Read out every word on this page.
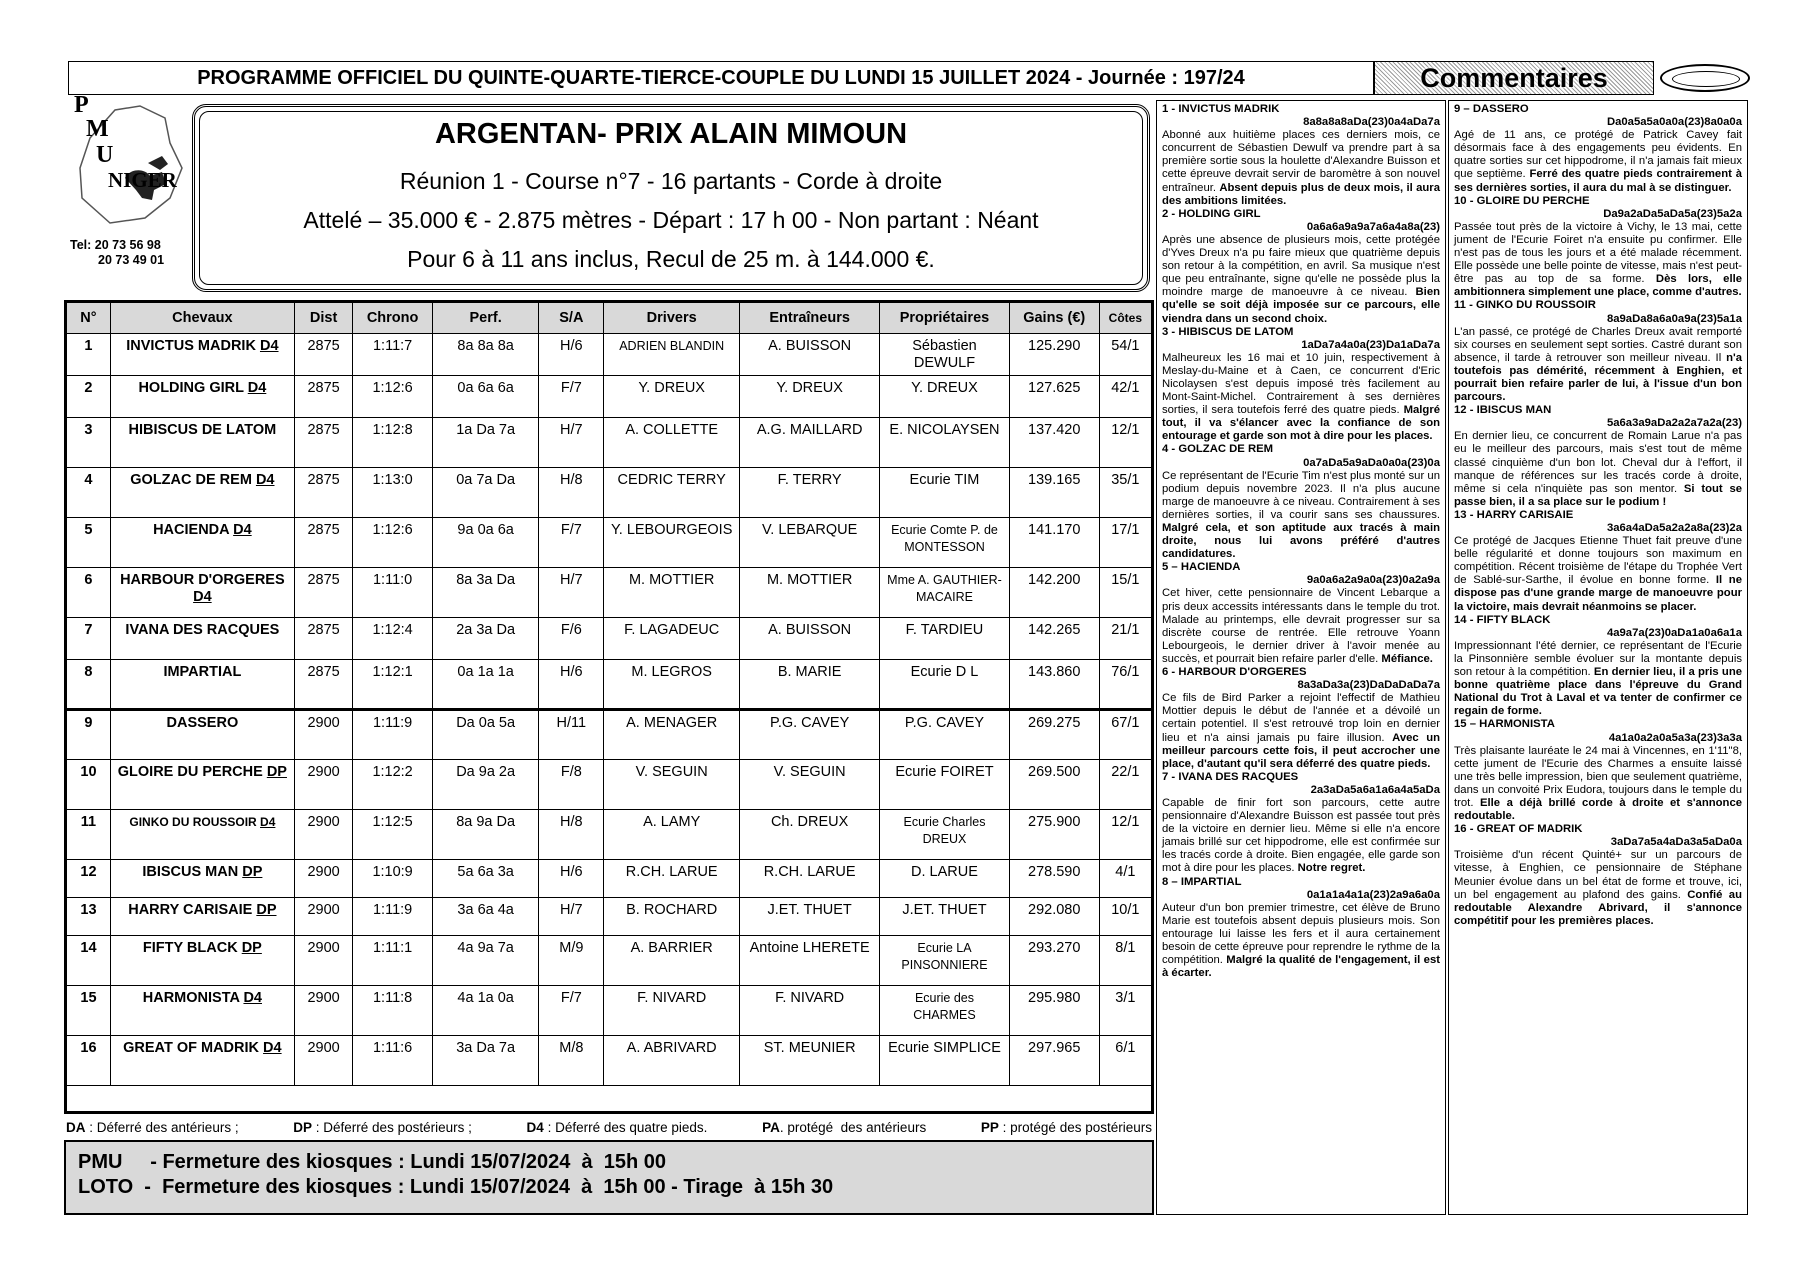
PROGRAMME OFFICIEL DU QUINTE-QUARTE-TIERCE-COUPLE DU LUNDI 15 JUILLET 2024 - Journée : 197/24	Commentaires
P
M
U
NIGER
Tel: 20 73 56 98
20 73 49 01
ARGENTAN- PRIX ALAIN MIMOUN
Réunion 1 - Course n°7 - 16 partants - Corde à droite
Attelé – 35.000 € - 2.875 mètres - Départ : 17 h 00 - Non partant : Néant
Pour 6 à 11 ans inclus, Recul de 25 m. à 144.000 €.
N°	Chevaux	Dist	Chrono	Perf.	S/A	Drivers	Entraîneurs	Propriétaires	Gains (€)	Côtes
1	INVICTUS MADRIK D4	2875	1:11:7	8a 8a 8a	H/6	ADRIEN BLANDIN	A. BUISSON	Sébastien DEWULF	125.290	54/1
2	HOLDING GIRL D4	2875	1:12:6	0a 6a 6a	F/7	Y. DREUX	Y. DREUX	Y. DREUX	127.625	42/1
3	HIBISCUS DE LATOM	2875	1:12:8	1a Da 7a	H/7	A. COLLETTE	A.G. MAILLARD	E. NICOLAYSEN	137.420	12/1
4	GOLZAC DE REM D4	2875	1:13:0	0a 7a Da	H/8	CEDRIC TERRY	F. TERRY	Ecurie TIM	139.165	35/1
5	HACIENDA D4	2875	1:12:6	9a 0a 6a	F/7	Y. LEBOURGEOIS	V. LEBARQUE	Ecurie Comte P. de MONTESSON	141.170	17/1
6	HARBOUR D'ORGERES D4	2875	1:11:0	8a 3a Da	H/7	M. MOTTIER	M. MOTTIER	Mme A. GAUTHIER-MACAIRE	142.200	15/1
7	IVANA DES RACQUES	2875	1:12:4	2a 3a Da	F/6	F. LAGADEUC	A. BUISSON	F. TARDIEU	142.265	21/1
8	IMPARTIAL	2875	1:12:1	0a 1a 1a	H/6	M. LEGROS	B. MARIE	Ecurie D L	143.860	76/1
9	DASSERO	2900	1:11:9	Da 0a 5a	H/11	A. MENAGER	P.G. CAVEY	P.G. CAVEY	269.275	67/1
10	GLOIRE DU PERCHE DP	2900	1:12:2	Da 9a 2a	F/8	V. SEGUIN	V. SEGUIN	Ecurie FOIRET	269.500	22/1
11	GINKO DU ROUSSOIR D4	2900	1:12:5	8a 9a Da	H/8	A. LAMY	Ch. DREUX	Ecurie Charles DREUX	275.900	12/1
12	IBISCUS MAN DP	2900	1:10:9	5a 6a 3a	H/6	R.CH. LARUE	R.CH. LARUE	D. LARUE	278.590	4/1
13	HARRY CARISAIE DP	2900	1:11:9	3a 6a 4a	H/7	B. ROCHARD	J.ET. THUET	J.ET. THUET	292.080	10/1
14	FIFTY BLACK DP	2900	1:11:1	4a 9a 7a	M/9	A. BARRIER	Antoine LHERETE	Ecurie LA PINSONNIERE	293.270	8/1
15	HARMONISTA D4	2900	1:11:8	4a 1a 0a	F/7	F. NIVARD	F. NIVARD	Ecurie des CHARMES	295.980	3/1
16	GREAT OF MADRIK D4	2900	1:11:6	3a Da 7a	M/8	A. ABRIVARD	ST. MEUNIER	Ecurie SIMPLICE	297.965	6/1
DA : Déferré des antérieurs ;	DP : Déferré des postérieurs ;	D4 : Déferré des quatre pieds.	PA. protégé  des antérieurs	PP : protégé des postérieurs
PMU     - Fermeture des kiosques : Lundi 15/07/2024  à  15h 00
LOTO  -  Fermeture des kiosques : Lundi 15/07/2024  à  15h 00 - Tirage  à 15h 30
1 - INVICTUS MADRIK
8a8a8a8aDa(23)0a4aDa7a
Abonné aux huitième places ces derniers mois, ce concurrent de Sébastien Dewulf va prendre part à sa première sortie sous la houlette d'Alexandre Buisson et cette épreuve devrait servir de baromètre à son nouvel entraîneur. Absent depuis plus de deux mois, il aura des ambitions limitées.
2 - HOLDING GIRL
0a6a6a9a9a7a6a4a8a(23)
Après une absence de plusieurs mois, cette protégée d'Yves Dreux n'a pu faire mieux que quatrième depuis son retour à la compétition, en avril. Sa musique n'est que peu entraînante, signe qu'elle ne possède plus la moindre marge de manoeuvre à ce niveau. Bien qu'elle se soit déjà imposée sur ce parcours, elle viendra dans un second choix.
3 - HIBISCUS DE LATOM
1aDa7a4a0a(23)Da1aDa7a
Malheureux les 16 mai et 10 juin, respectivement à Meslay-du-Maine et à Caen, ce concurrent d'Eric Nicolaysen s'est depuis imposé très facilement au Mont-Saint-Michel. Contrairement à ses dernières sorties, il sera toutefois ferré des quatre pieds. Malgré tout, il va s'élancer avec la confiance de son entourage et garde son mot à dire pour les places.
4 - GOLZAC DE REM
0a7aDa5a9aDa0a0a(23)0a
Ce représentant de l'Ecurie Tim n'est plus monté sur un podium depuis novembre 2023. Il n'a plus aucune marge de manoeuvre à ce niveau. Contrairement à ses dernières sorties, il va courir sans ses chaussures. Malgré cela, et son aptitude aux tracés à main droite, nous lui avons préféré d'autres candidatures.
5 – HACIENDA
9a0a6a2a9a0a(23)0a2a9a
Cet hiver, cette pensionnaire de Vincent Lebarque a pris deux accessits intéressants dans le temple du trot. Malade au printemps, elle devrait progresser sur sa discrète course de rentrée. Elle retrouve Yoann Lebourgeois, le dernier driver à l'avoir menée au succès, et pourrait bien refaire parler d'elle. Méfiance.
6 - HARBOUR D'ORGERES
8a3aDa3a(23)DaDaDaDa7a
Ce fils de Bird Parker a rejoint l'effectif de Mathieu Mottier depuis le début de l'année et a dévoilé un certain potentiel. Il s'est retrouvé trop loin en dernier lieu et n'a ainsi jamais pu faire illusion. Avec un meilleur parcours cette fois, il peut accrocher une place, d'autant qu'il sera déferré des quatre pieds.
7 - IVANA DES RACQUES
2a3aDa5a6a1a6a4a5aDa
Capable de finir fort son parcours, cette autre pensionnaire d'Alexandre Buisson est passée tout près de la victoire en dernier lieu. Même si elle n'a encore jamais brillé sur cet hippodrome, elle est confirmée sur les tracés corde à droite. Bien engagée, elle garde son mot à dire pour les places. Notre regret.
8 – IMPARTIAL
0a1a1a4a1a(23)2a9a6a0a
Auteur d'un bon premier trimestre, cet élève de Bruno Marie est toutefois absent depuis plusieurs mois. Son entourage lui laisse les fers et il aura certainement besoin de cette épreuve pour reprendre le rythme de la compétition. Malgré la qualité de l'engagement, il est à écarter.
9 – DASSERO
Da0a5a5a0a0a(23)8a0a0a
Agé de 11 ans, ce protégé de Patrick Cavey fait désormais face à des engagements peu évidents. En quatre sorties sur cet hippodrome, il n'a jamais fait mieux que septième. Ferré des quatre pieds contrairement à ses dernières sorties, il aura du mal à se distinguer.
10 - GLOIRE DU PERCHE
Da9a2aDa5aDa5a(23)5a2a
Passée tout près de la victoire à Vichy, le 13 mai, cette jument de l'Ecurie Foiret n'a ensuite pu confirmer. Elle n'est pas de tous les jours et a été malade récemment. Elle possède une belle pointe de vitesse, mais n'est peut-être pas au top de sa forme. Dès lors, elle ambitionnera simplement une place, comme d'autres.
11 - GINKO DU ROUSSOIR
8a9aDa8a6a0a9a(23)5a1a
L'an passé, ce protégé de Charles Dreux avait remporté six courses en seulement sept sorties. Castré durant son absence, il tarde à retrouver son meilleur niveau. Il n'a toutefois pas démérité, récemment à Enghien, et pourrait bien refaire parler de lui, à l'issue d'un bon parcours.
12 - IBISCUS MAN
5a6a3a9aDa2a2a7a2a(23)
En dernier lieu, ce concurrent de Romain Larue n'a pas eu le meilleur des parcours, mais s'est tout de même classé cinquième d'un bon lot. Cheval dur à l'effort, il manque de références sur les tracés corde à droite, même si cela n'inquiète pas son mentor. Si tout se passe bien, il a sa place sur le podium !
13 - HARRY CARISAIE
3a6a4aDa5a2a2a8a(23)2a
Ce protégé de Jacques Etienne Thuet fait preuve d'une belle régularité et donne toujours son maximum en compétition. Récent troisième de l'étape du Trophée Vert de Sablé-sur-Sarthe, il évolue en bonne forme. Il ne dispose pas d'une grande marge de manoeuvre pour la victoire, mais devrait néanmoins se placer.
14 - FIFTY BLACK
4a9a7a(23)0aDa1a0a6a1a
Impressionnant l'été dernier, ce représentant de l'Ecurie la Pinsonnière semble évoluer sur la montante depuis son retour à la compétition. En dernier lieu, il a pris une bonne quatrième place dans l'épreuve du Grand National du Trot à Laval et va tenter de confirmer ce regain de forme.
15 – HARMONISTA
4a1a0a2a0a5a3a(23)3a3a
Très plaisante lauréate le 24 mai à Vincennes, en 1'11"8, cette jument de l'Ecurie des Charmes a ensuite laissé une très belle impression, bien que seulement quatrième, dans un convoité Prix Eudora, toujours dans le temple du trot. Elle a déjà brillé corde à droite et s'annonce redoutable.
16 - GREAT OF MADRIK
3aDa7a5a4aDa3a5aDa0a
Troisième d'un récent Quinté+ sur un parcours de vitesse, à Enghien, ce pensionnaire de Stéphane Meunier évolue dans un bel état de forme et trouve, ici, un bel engagement au plafond des gains. Confié au redoutable Alexandre Abrivard, il s'annonce compétitif pour les premières places.
